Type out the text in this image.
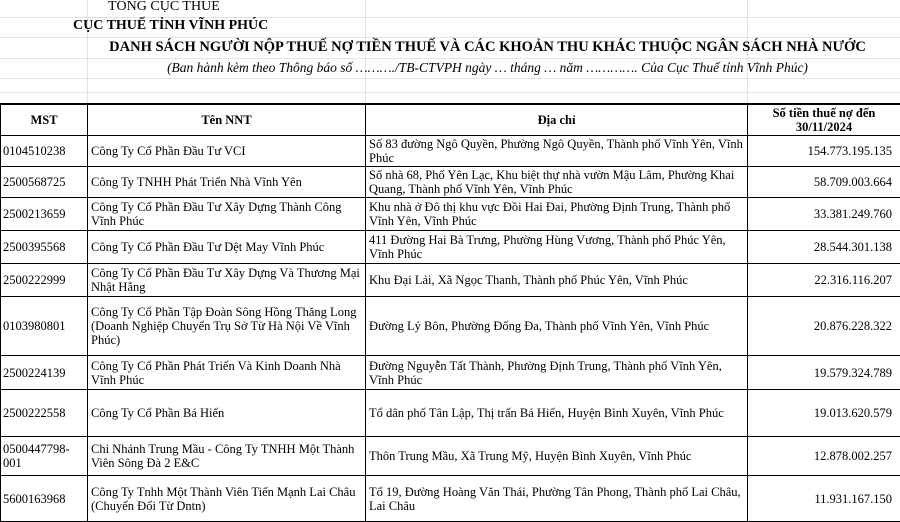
TỔNG CỤC THUẾ
CỤC THUẾ TỈNH VĨNH PHÚC
DANH SÁCH NGƯỜI NỘP THUẾ NỢ TIỀN THUẾ VÀ CÁC KHOẢN THU KHÁC THUỘC NGÂN SÁCH NHÀ NƯỚC
(Ban hành kèm theo Thông báo số ………./TB-CTVPH ngày … tháng … năm …………. Của Cục Thuế tỉnh Vĩnh Phúc)
MST	Tên NNT	Địa chỉ	Số tiền thuế nợ đến 30/11/2024
0104510238	Công Ty Cổ Phần Đầu Tư VCI	Số 83 đường Ngô Quyền, Phường Ngô Quyền, Thành phố Vĩnh Yên, Vĩnh Phúc	154.773.195.135
2500568725	Công Ty TNHH Phát Triển Nhà Vĩnh Yên	Số nhà 68, Phố Yên Lạc, Khu biệt thự nhà vườn Mậu Lâm, Phường Khai Quang, Thành phố Vĩnh Yên, Vĩnh Phúc	58.709.003.664
2500213659	Công Ty Cổ Phần Đầu Tư Xây Dựng Thành Công Vĩnh Phúc	Khu nhà ở Đô thị khu vực Đồi Hai Đai, Phường Định Trung, Thành phố Vĩnh Yên, Vĩnh Phúc	33.381.249.760
2500395568	Công Ty Cổ Phần Đầu Tư Dệt May Vĩnh Phúc	411 Đường Hai Bà Trưng, Phường Hùng Vương, Thành phố Phúc Yên, Vĩnh Phúc	28.544.301.138
2500222999	Công Ty Cổ Phần Đầu Tư Xây Dựng Và Thương Mại Nhật Hằng	Khu Đại Lải, Xã Ngọc Thanh, Thành phố Phúc Yên, Vĩnh Phúc	22.316.116.207
0103980801	Công Ty Cổ Phần Tập Đoàn Sông Hồng Thăng Long (Doanh Nghiệp Chuyển Trụ Sở Từ Hà Nội Về Vĩnh Phúc)	Đường Lý Bôn, Phường Đống Đa, Thành phố Vĩnh Yên, Vĩnh Phúc	20.876.228.322
2500224139	Công Ty Cổ Phần Phát Triển Và Kinh Doanh Nhà Vĩnh Phúc	Đường Nguyễn Tất Thành, Phường Định Trung, Thành phố Vĩnh Yên, Vĩnh Phúc	19.579.324.789
2500222558	Công Ty Cổ Phần Bá Hiến	Tổ dân phố Tân Lập, Thị trấn Bá Hiến, Huyện Bình Xuyên, Vĩnh Phúc	19.013.620.579
0500447798-001	Chi Nhánh Trung Mầu - Công Ty TNHH Một Thành Viên Sông Đà 2 E&C	Thôn Trung Mầu, Xã Trung Mỹ, Huyện Bình Xuyên, Vĩnh Phúc	12.878.002.257
5600163968	Công Ty Tnhh Một Thành Viên Tiến Mạnh Lai Châu (Chuyển Đổi Từ Dntn)	Tổ 19, Đường Hoàng Văn Thái, Phường Tân Phong, Thành phố Lai Châu, Lai Châu	11.931.167.150
